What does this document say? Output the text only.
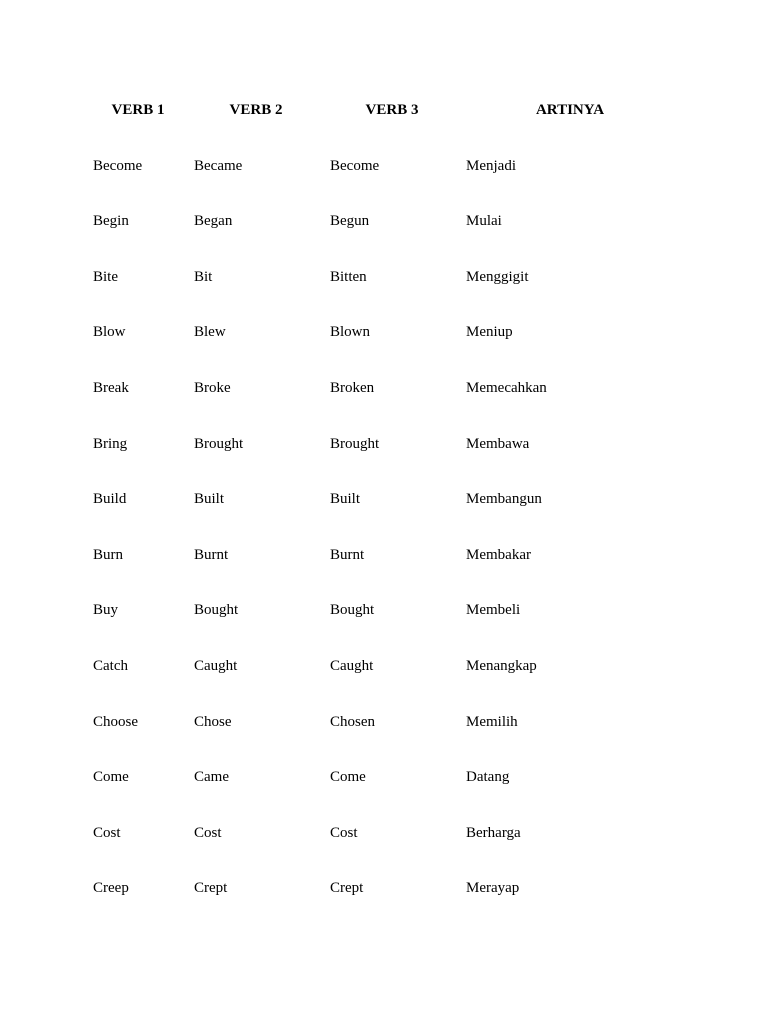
VERB 1	VERB 2	VERB 3	ARTINYA
Become	Became	Become	Menjadi
Begin	Began	Begun	Mulai
Bite	Bit	Bitten	Menggigit
Blow	Blew	Blown	Meniup
Break	Broke	Broken	Memecahkan
Bring	Brought	Brought	Membawa
Build	Built	Built	Membangun
Burn	Burnt	Burnt	Membakar
Buy	Bought	Bought	Membeli
Catch	Caught	Caught	Menangkap
Choose	Chose	Chosen	Memilih
Come	Came	Come	Datang
Cost	Cost	Cost	Berharga
Creep	Crept	Crept	Merayap
